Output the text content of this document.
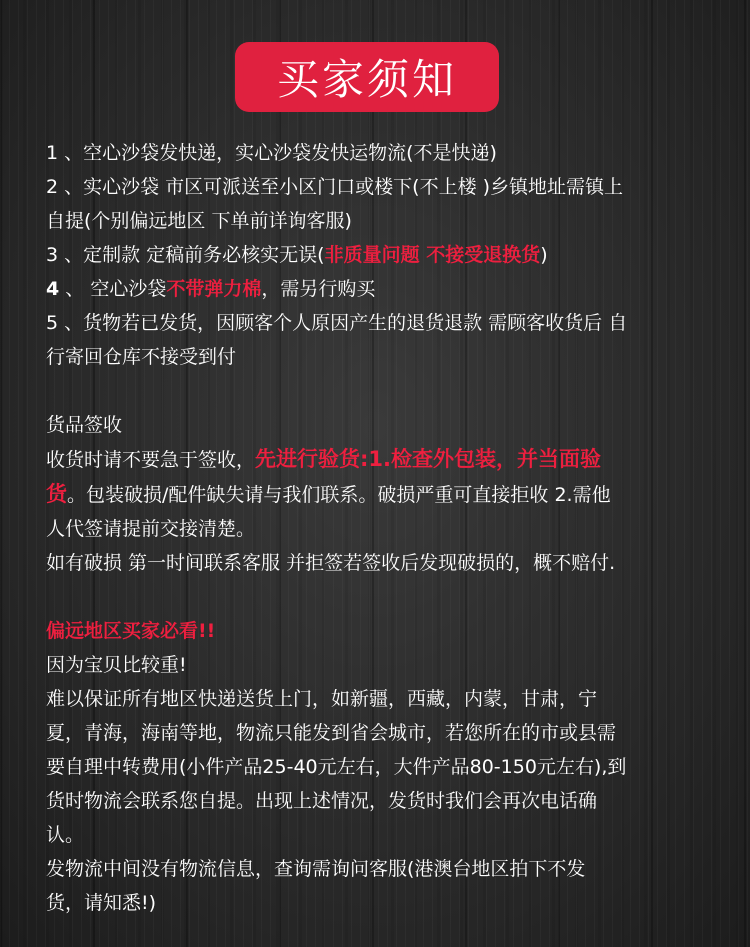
买家须知
1 、空心沙袋发快递，实心沙袋发快运物流(不是快递)
2 、实心沙袋 市区可派送至小区门口或楼下(不上楼 )乡镇地址需镇上
自提(个别偏远地区 下单前详询客服)
3 、定制款 定稿前务必核实无误(非质量问题 不接受退换货)
4 、 空心沙袋不带弹力棉，需另行购买
5 、货物若已发货，因顾客个人原因产生的退货退款 需顾客收货后 自
行寄回仓库不接受到付
货品签收
收货时请不要急于签收，先进行验货:1.检查外包装，并当面验
货。包装破损/配件缺失请与我们联系。破损严重可直接拒收 2.需他
人代签请提前交接清楚。
如有破损 第一时间联系客服 并拒签若签收后发现破损的，概不赔付.
偏远地区买家必看!!
因为宝贝比较重!
难以保证所有地区快递送货上门，如新疆，西藏，内蒙，甘肃，宁
夏，青海，海南等地，物流只能发到省会城市，若您所在的市或县需
要自理中转费用(小件产品25-40元左右，大件产品80-150元左右),到
货时物流会联系您自提。出现上述情况，发货时我们会再次电话确
认。
发物流中间没有物流信息，查询需询问客服(港澳台地区拍下不发
货，请知悉!)
